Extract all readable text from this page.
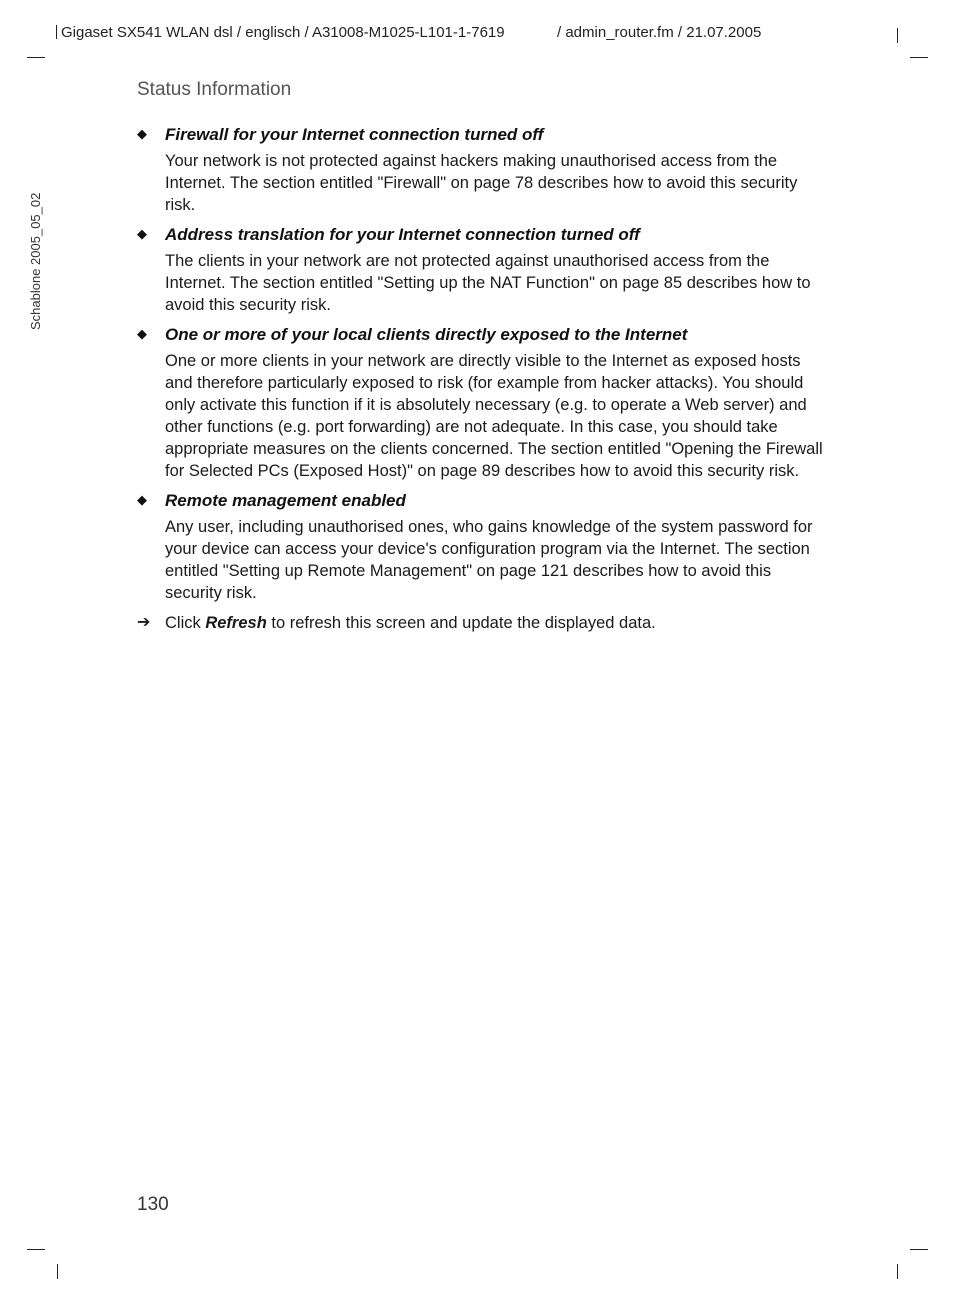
Gigaset SX541 WLAN dsl / englisch / A31008-M1025-L101-1-7619	/ admin_router.fm / 21.07.2005
Schablone 2005_05_02
Status Information
◆ Firewall for your Internet connection turned off
Your network is not protected against hackers making unauthorised access from the Internet. The section entitled "Firewall" on page 78 describes how to avoid this security risk.
◆ Address translation for your Internet connection turned off
The clients in your network are not protected against unauthorised access from the Internet. The section entitled "Setting up the NAT Function" on page 85 describes how to avoid this security risk.
◆ One or more of your local clients directly exposed to the Internet
One or more clients in your network are directly visible to the Internet as exposed hosts and therefore particularly exposed to risk (for example from hacker attacks). You should only activate this function if it is absolutely necessary (e.g. to operate a Web server) and other functions (e.g. port forwarding) are not adequate. In this case, you should take appropriate measures on the clients concerned. The section entitled "Opening the Firewall for Selected PCs (Exposed Host)" on page 89 describes how to avoid this security risk.
◆ Remote management enabled
Any user, including unauthorised ones, who gains knowledge of the system password for your device can access your device's configuration program via the Internet. The section entitled "Setting up Remote Management" on page 121 describes how to avoid this security risk.
➔ Click Refresh to refresh this screen and update the displayed data.
130
